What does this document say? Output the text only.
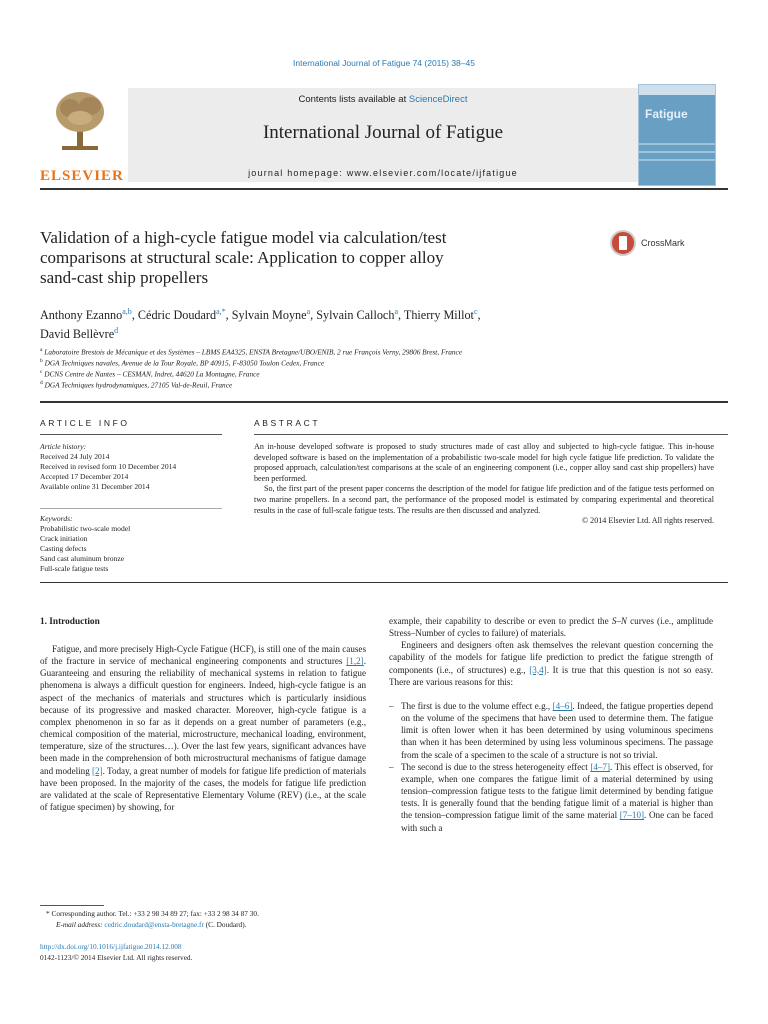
International Journal of Fatigue 74 (2015) 38–45
ELSEVIER
Contents lists available at ScienceDirect
International Journal of Fatigue
journal homepage: www.elsevier.com/locate/ijfatigue
Fatigue
Validation of a high-cycle fatigue model via calculation/test
comparisons at structural scale: Application to copper alloy
sand-cast ship propellers
CrossMark
Anthony Ezanno$^{a,b}$, Cédric Doudard$^{a,*}$, Sylvain Moyne$^a$, Sylvain Calloch$^a$, Thierry Millot$^c$,
David Bellèvre$^d$
$^a$ Laboratoire Brestois de Mécanique et des Systèmes – LBMS EA4325, ENSTA Bretagne/UBO/ENIB, 2 rue François Verny, 29806 Brest, France
$^b$ DGA Techniques navales, Avenue de la Tour Royale, BP 40915, F-83050 Toulon Cedex, France
$^c$ DCNS Centre de Nantes – CESMAN, Indret, 44620 La Montagne, France
$^d$ DGA Techniques hydrodynamiques, 27105 Val-de-Reuil, France
ARTICLE INFO	ABSTRACT
Article history:
Received 24 July 2014
Received in revised form 10 December 2014
Accepted 17 December 2014
Available online 31 December 2014
Keywords:
Probabilistic two-scale model
Crack initiation
Casting defects
Sand cast aluminum bronze
Full-scale fatigue tests

An in-house developed software is proposed to study structures made of cast alloy and subjected to high-cycle fatigue. This in-house developed software is based on the implementation of a probabilistic two-scale model for high cycle fatigue life prediction. To validate the proposed approach, calculation/test comparisons at the scale of an engineering component (i.e., copper alloy sand cast ship propellers) have been performed.

So, the first part of the present paper concerns the description of the model for fatigue life prediction and of the fatigue tests performed on two marine propellers. In a second part, the performance of the proposed model is estimated by comparing experimental and theoretical results in the case of full-scale fatigue tests. The results are then discussed and analyzed.

© 2014 Elsevier Ltd. All rights reserved.

1. Introduction

Fatigue, and more precisely High-Cycle Fatigue (HCF), is still one of the main causes of the fracture in service of mechanical engineering components and structures [1,2]. Guaranteeing and ensuring the reliability of mechanical systems in relation to fatigue phenomena is always a difficult question for engineers. Indeed, high-cycle fatigue is an aspect of the mechanics of materials and structures which is particularly insidious because of its progressive and masked character. Moreover, high-cycle fatigue is a complex phenomenon in so far as it depends on a great number of parameters (e.g., chemical composition of the material, microstructure, mechanical loading, environment, temperature, size of the structures…). Over the last few years, significant advances have been made in the comprehension of both microstructural mechanisms of fatigue damage and modeling [2]. Today, a great number of models for fatigue life prediction of materials have been proposed. In the majority of the cases, the models for fatigue life prediction are validated at the scale of Representative Elementary Volume (REV) (i.e., at the scale of fatigue specimen) by showing, for

example, their capability to describe or even to predict the S–N curves (i.e., amplitude Stress–Number of cycles to failure) of materials.

Engineers and designers often ask themselves the relevant question concerning the capability of the models for fatigue life prediction to predict the fatigue strength of components (i.e., of structures) e.g., [3,4]. It is true that this question is not so easy. There are various reasons for this:

– The first is due to the volume effect e.g., [4–6]. Indeed, the fatigue properties depend on the volume of the specimens that have been used to determine them. The fatigue limit is often lower when it has been determined by using voluminous specimens than when it has been determined by using less voluminous specimens. The passage from the scale of a specimen to the scale of a structure is not so trivial.
– The second is due to the stress heterogeneity effect [4–7]. This effect is observed, for example, when one compares the fatigue limit of a material determined by using tension–compression fatigue tests to the fatigue limit determined by bending fatigue tests. It is generally found that the bending fatigue limit of a material is higher than the tension–compression fatigue limit of the same material [7–10]. One can be faced with such a
* Corresponding author. Tel.: +33 2 98 34 89 27; fax: +33 2 98 34 87 30.
E-mail address: cedric.doudard@ensta-bretagne.fr (C. Doudard).
http://dx.doi.org/10.1016/j.ijfatigue.2014.12.008
0142-1123/© 2014 Elsevier Ltd. All rights reserved.
